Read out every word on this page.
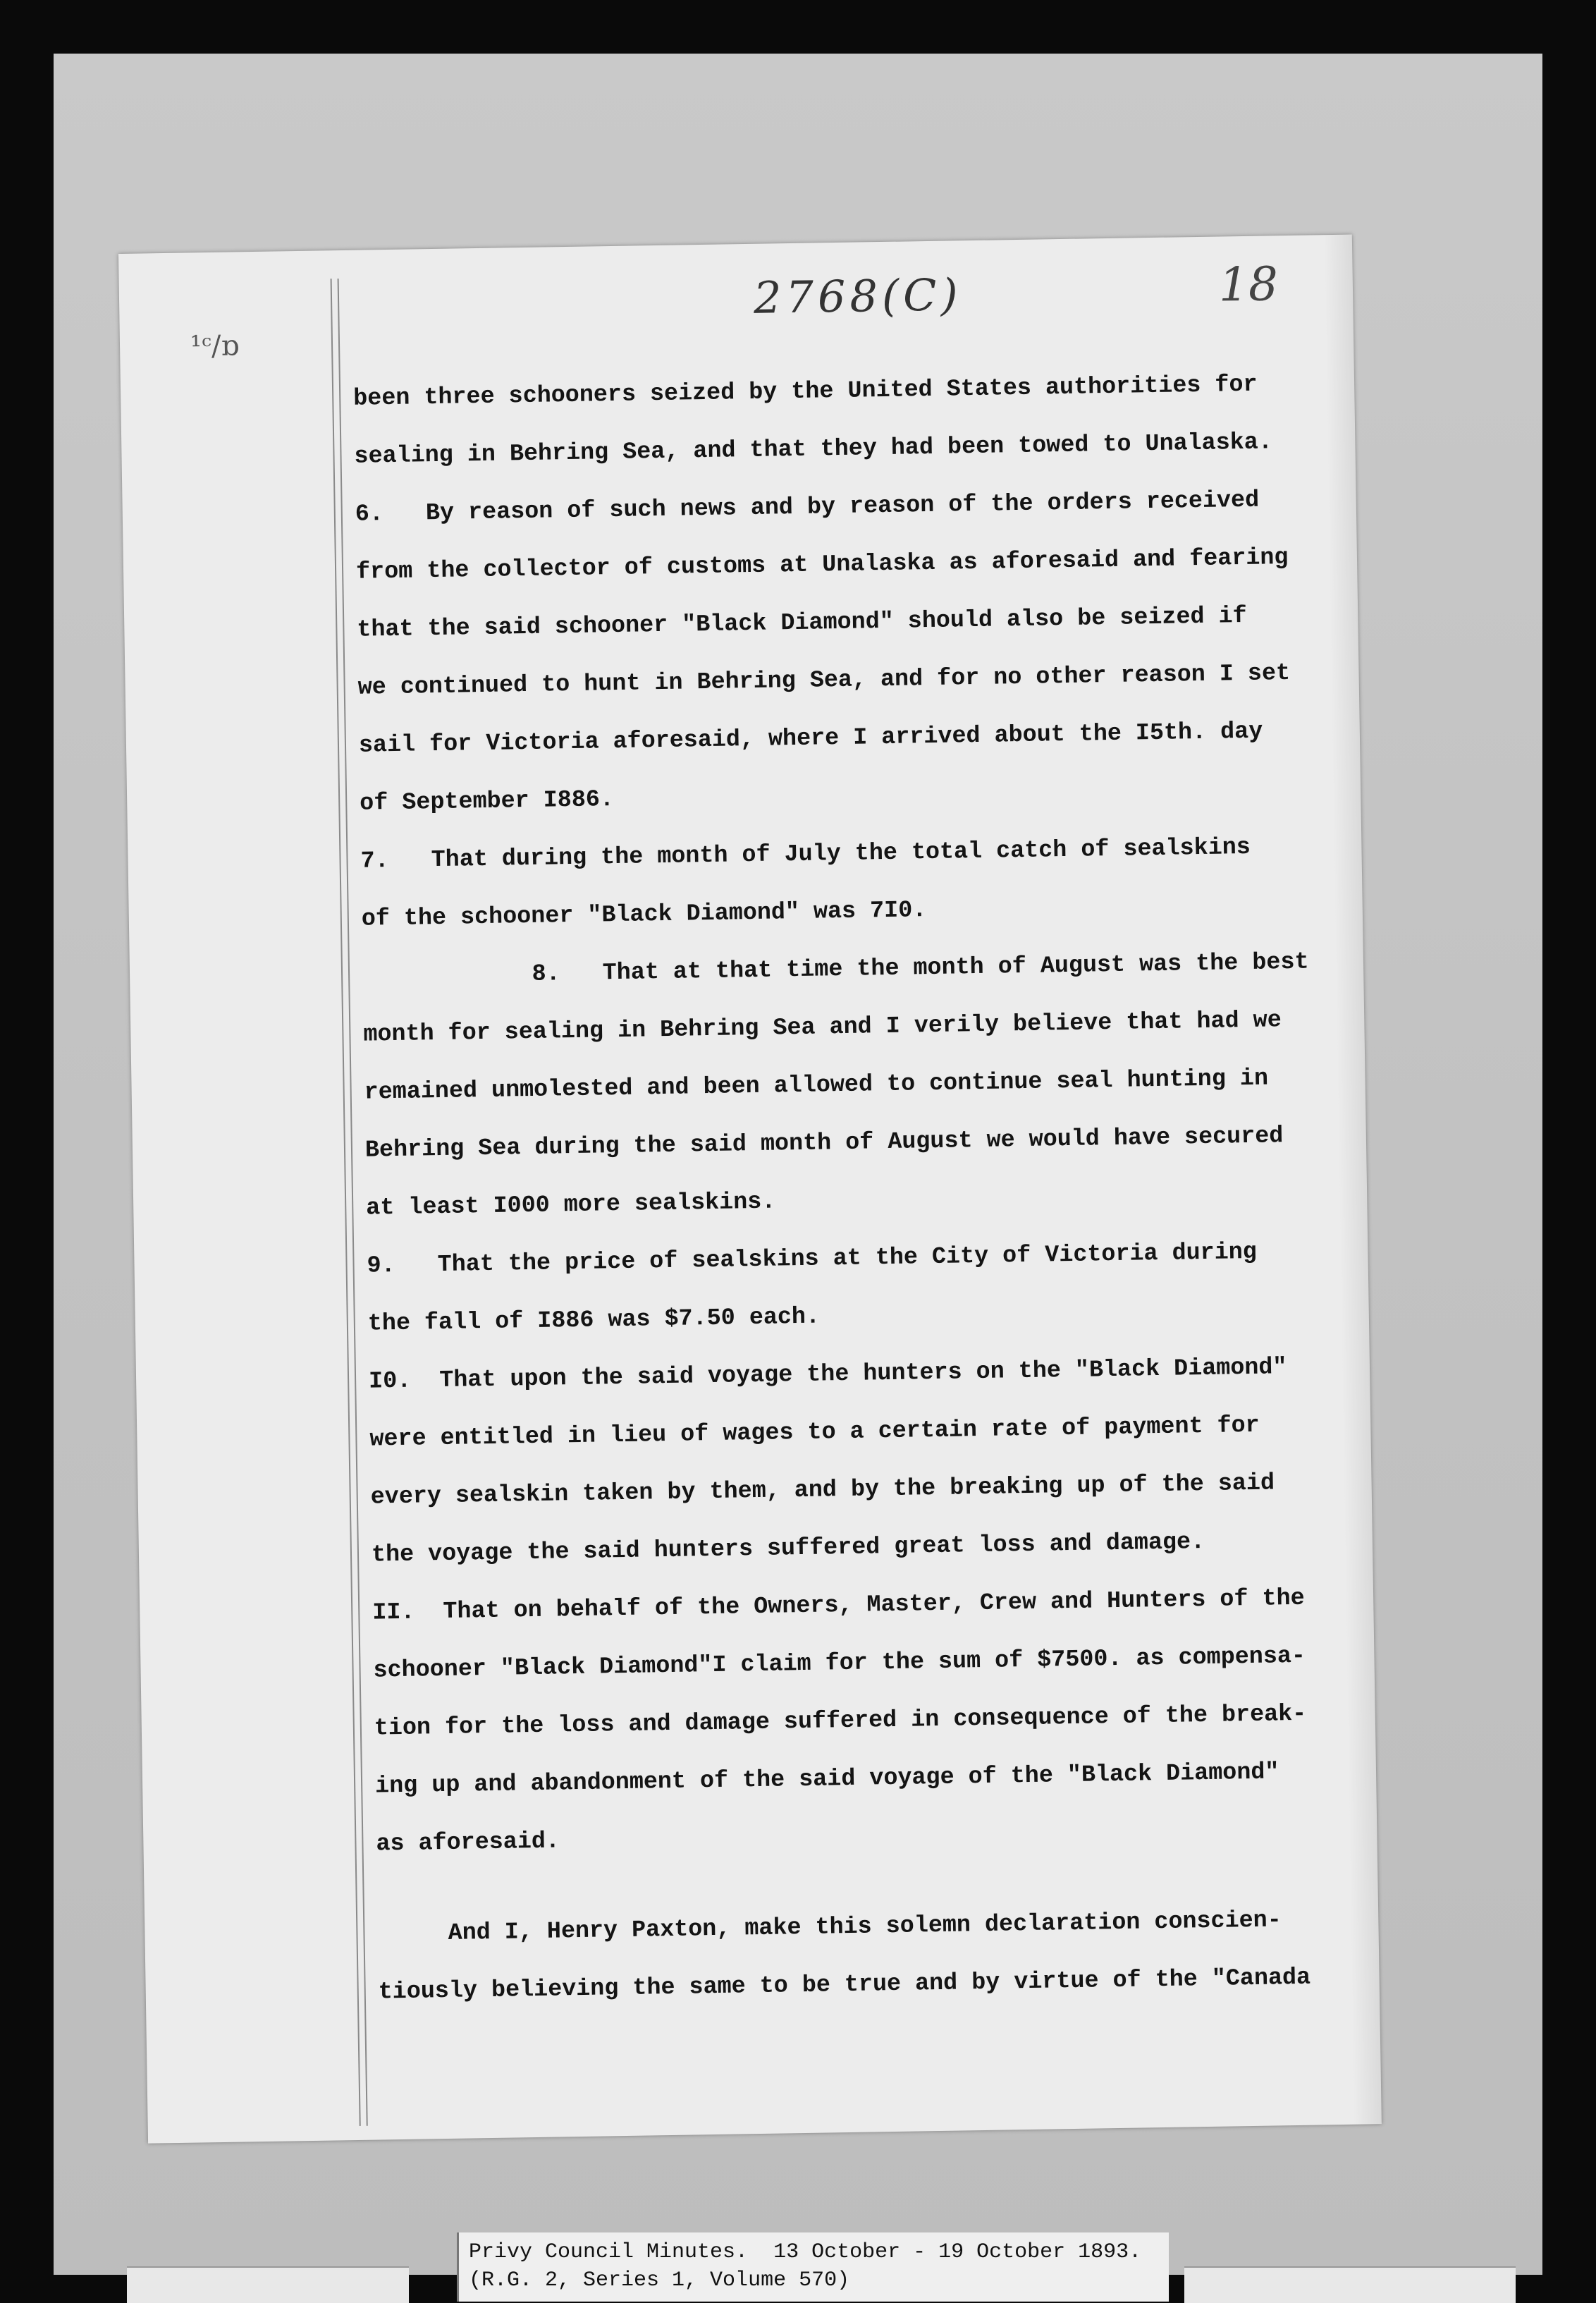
2768(C)	18
¹ᶜ/ɒ
been three schooners seized by the United States authorities for
sealing in Behring Sea, and that they had been towed to Unalaska.
6.   By reason of such news and by reason of the orders received
from the collector of customs at Unalaska as aforesaid and fearing
that the said schooner "Black Diamond" should also be seized if
we continued to hunt in Behring Sea, and for no other reason I set
sail for Victoria aforesaid, where I arrived about the I5th. day
of September I886.
7.   That during the month of July the total catch of sealskins
of the schooner "Black Diamond" was 7I0.
8.   That at that time the month of August was the best
month for sealing in Behring Sea and I verily believe that had we
remained unmolested and been allowed to continue seal hunting in
Behring Sea during the said month of August we would have secured
at least I000 more sealskins.
9.   That the price of sealskins at the City of Victoria during
the fall of I886 was $7.50 each.
I0.  That upon the said voyage the hunters on the "Black Diamond"
were entitled in lieu of wages to a certain rate of payment for
every sealskin taken by them, and by the breaking up of the said
the voyage the said hunters suffered great loss and damage.
II.  That on behalf of the Owners, Master, Crew and Hunters of the
schooner "Black Diamond"I claim for the sum of $7500. as compensa-
tion for the loss and damage suffered in consequence of the break-
ing up and abandonment of the said voyage of the "Black Diamond"
as aforesaid.
And I, Henry Paxton, make this solemn declaration conscien-
tiously believing the same to be true and by virtue of the "Canada
Privy Council Minutes.  13 October - 19 October 1893.
(R.G. 2, Series 1, Volume 570)
